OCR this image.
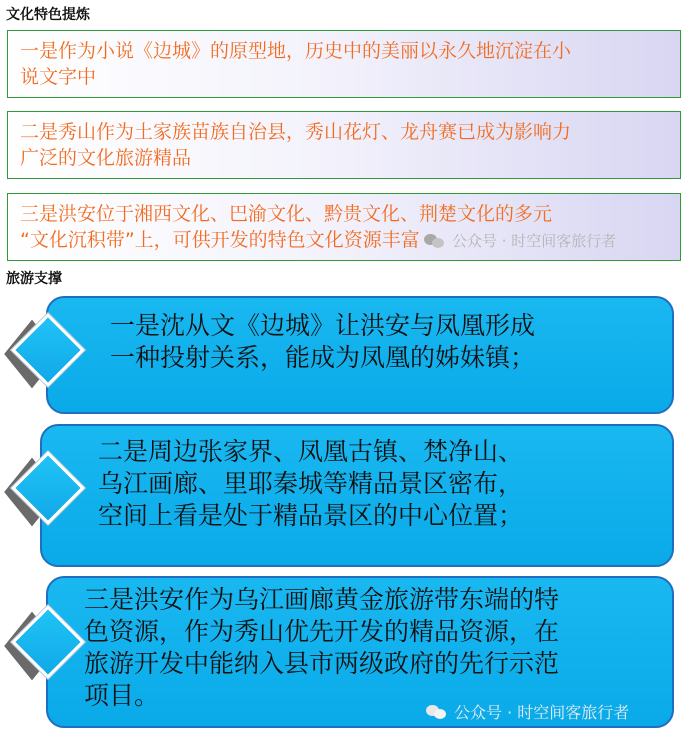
文化特色提炼

一是作为小说《边城》的原型地，历史中的美丽以永久地沉淀在小

说文字中

二是秀山作为土家族苗族自治县，秀山花灯、龙舟赛已成为影响力

广泛的文化旅游精品

三是洪安位于湘西文化、巴渝文化、黔贵文化、荆楚文化的多元

“文化沉积带”上，可供开发的特色文化资源丰富	公众号 · 时空间客旅行者
旅游支撑

一是沈从文《边城》让洪安与凤凰形成

一种投射关系，能成为凤凰的姊妹镇；

二是周边张家界、凤凰古镇、梵净山、

乌江画廊、里耶秦城等精品景区密布，

空间上看是处于精品景区的中心位置；

三是洪安作为乌江画廊黄金旅游带东端的特

色资源，作为秀山优先开发的精品资源，在

旅游开发中能纳入县市两级政府的先行示范

项目。

公众号 · 时空间客旅行者
